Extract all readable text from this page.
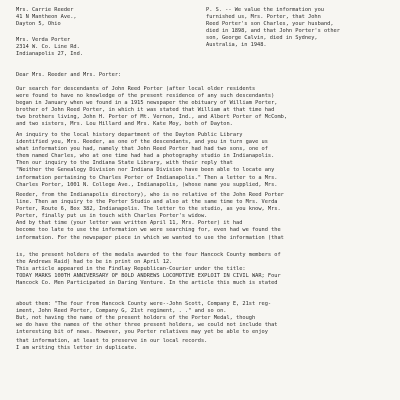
Mrs. Carrie Reeder
41 N Mantheon Ave.,
Dayton 5, Ohio
Mrs. Verda Porter
2314 W. Co. Line Rd.
Indianapolis 27, Ind.
P. S. -- We value the information you
furnished us, Mrs. Porter, that John
Reed Porter's son Charles, your husband,
died in 1898, and that John Porter's other
son, George Calvin, died in Sydney,
Australia, in 1948.
Dear Mrs. Reeder and Mrs. Porter:
Our search for descendants of John Reed Porter (after local older residents
were found to have no knowledge of the present residence of any such descendants)
began in January when we found in a 1915 newspaper the obituary of William Porter,
brother of John Reed Porter, in which it was stated that William at that time had
two brothers living, John H. Porter of Mt. Vernon, Ind., and Albert Porter of McComb,
and two sisters, Mrs. Lou Hillard and Mrs. Kate Moy, both of Dayton.
An inquiry to the local history department of the Dayton Public Library
identified you, Mrs. Reeder, as one of the descendants, and you in turn gave us
what information you had, namely that John Reed Porter had had two sons, one of
them named Charles, who at one time had had a photography studio in Indianapolis.
Then our inquiry to the Indiana State Library, with their reply that
"Neither the Genealogy Division nor Indiana Division have been able to locate any
information pertaining to Charles Porter of Indianapolis." Then a letter to a Mrs.
Charles Porter, 1001 N. College Ave., Indianapolis, (whose name you supplied, Mrs.
Reeder, from the Indianapolis directory), who is no relative of the John Reed Porter
line. Then an inquiry to the Porter Studio and also at the same time to Mrs. Verda
Porter, Route 6, Box 382, Indianapolis. The letter to the studio, as you know, Mrs.
Porter, finally put us in touch with Charles Porter's widow.
And by that time (your letter was written April 11, Mrs. Porter) it had
become too late to use the information we were searching for, even had we found the
information. For the newspaper piece in which we wanted to use the information (that
is, the present holders of the medals awarded to the four Hancock County members of
the Andrews Raid) had to be in print on April 12.
This article appeared in the Findlay Republican-Courier under the title:
TODAY MARKS 100TH ANNIVERSARY OF BOLD ANDREWS LOCOMOTIVE EXPLOIT IN CIVIL WAR; Four
Hancock Co. Men Participated in Daring Venture. In the article this much is stated
about them: "The four from Hancock County were--John Scott, Company E, 21st reg-
iment, John Reed Porter, Company G, 21st regiment, . ." and so on.
But, not having the name of the present holders of the Porter Medal, though
we do have the names of the other three present holders, we could not include that
interesting bit of news. However, you Porter relatives may yet be able to enjoy
that information, at least to preserve in our local records.
I am writing this letter in duplicate.
